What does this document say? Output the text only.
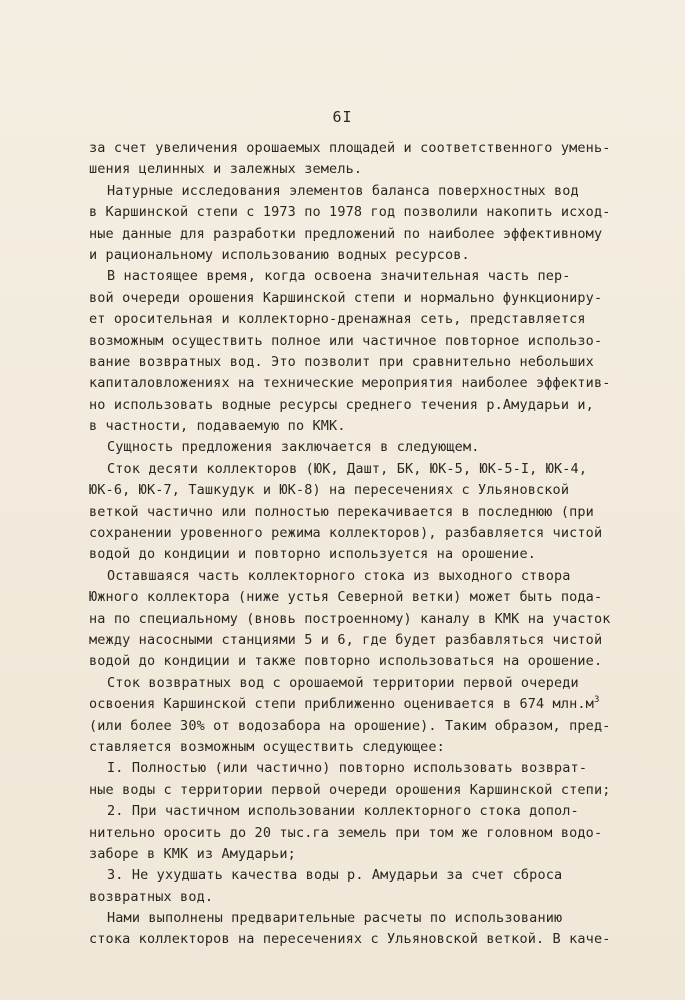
6I
за счет увеличения орошаемых площадей и соответственного умень-
шения целинных и залежных земель.
Натурные исследования элементов баланса поверхностных вод
в Каршинской степи с 1973 по 1978 год позволили накопить исход-
ные данные для разработки предложений по наиболее эффективному
и рациональному использованию водных ресурсов.
В настоящее время, когда освоена значительная часть пер-
вой очереди орошения Каршинской степи и нормально функциониру-
ет оросительная и коллекторно-дренажная сеть, представляется
возможным осуществить полное или частичное повторное использо-
вание возвратных вод. Это позволит при сравнительно небольших
капиталовложениях на технические мероприятия наиболее эффектив-
но использовать водные ресурсы среднего течения р.Амударьи и,
в частности, подаваемую по КМК.
Сущность предложения заключается в следующем.
Сток десяти коллекторов (ЮК, Дашт, БК, ЮК-5, ЮК-5-I, ЮК-4,
ЮК-6, ЮК-7, Ташкудук и ЮК-8) на пересечениях с Ульяновской
веткой частично или полностью перекачивается в последнюю (при
сохранении уровенного режима коллекторов), разбавляется чистой
водой до кондиции и повторно используется на орошение.
Оставшаяся часть коллекторного стока из выходного створа
Южного коллектора (ниже устья Северной ветки) может быть пода-
на по специальному (вновь построенному) каналу в КМК на участок
между насосными станциями 5 и 6, где будет разбавляться чистой
водой до кондиции и также повторно использоваться на орошение.
Сток возвратных вод с орошаемой территории первой очереди
освоения Каршинской степи приближенно оценивается в 674 $млн.м^3$
(или более 30% от водозабора на орошение). Таким образом, пред-
ставляется возможным осуществить следующее:
I. Полностью (или частично) повторно использовать возврат-
ные воды с территории первой очереди орошения Каршинской степи;
2. При частичном использовании коллекторного стока допол-
нительно оросить до 20 тыс.га земель при том же головном водо-
заборе в КМК из Амударьи;
3. Не ухудшать качества воды р. Амударьи за счет сброса
возвратных вод.
Нами выполнены предварительные расчеты по использованию
стока коллекторов на пересечениях с Ульяновской веткой. В каче-
